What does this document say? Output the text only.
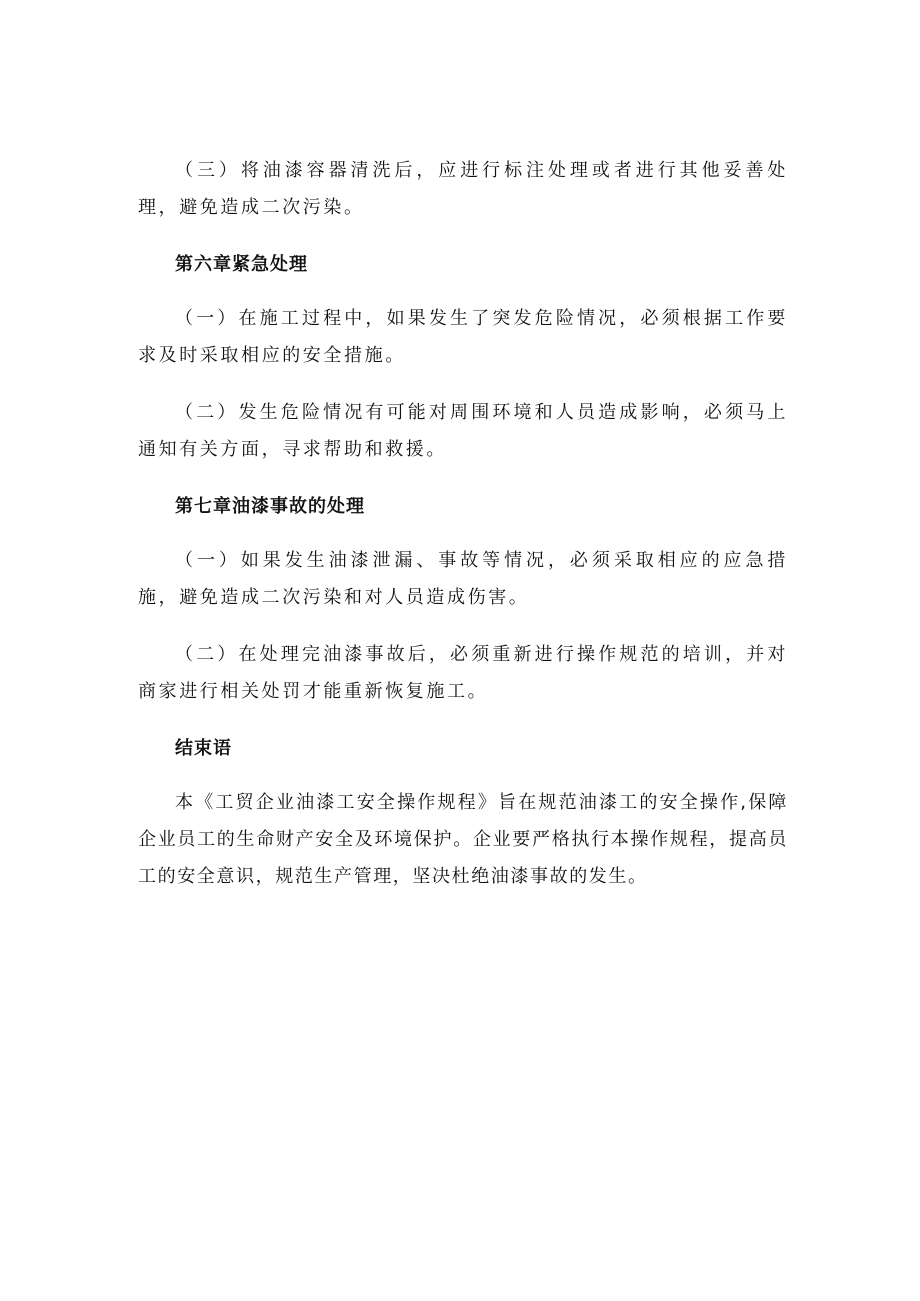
（三）将油漆容器清洗后，应进行标注处理或者进行其他妥善处理，避免造成二次污染。

第六章紧急处理

（一）在施工过程中，如果发生了突发危险情况，必须根据工作要求及时采取相应的安全措施。

（二）发生危险情况有可能对周围环境和人员造成影响，必须马上通知有关方面，寻求帮助和救援。

第七章油漆事故的处理

（一）如果发生油漆泄漏、事故等情况，必须采取相应的应急措施，避免造成二次污染和对人员造成伤害。

（二）在处理完油漆事故后，必须重新进行操作规范的培训，并对商家进行相关处罚才能重新恢复施工。

结束语

本《工贸企业油漆工安全操作规程》旨在规范油漆工的安全操作,保障企业员工的生命财产安全及环境保护。企业要严格执行本操作规程，提高员工的安全意识，规范生产管理，坚决杜绝油漆事故的发生。
